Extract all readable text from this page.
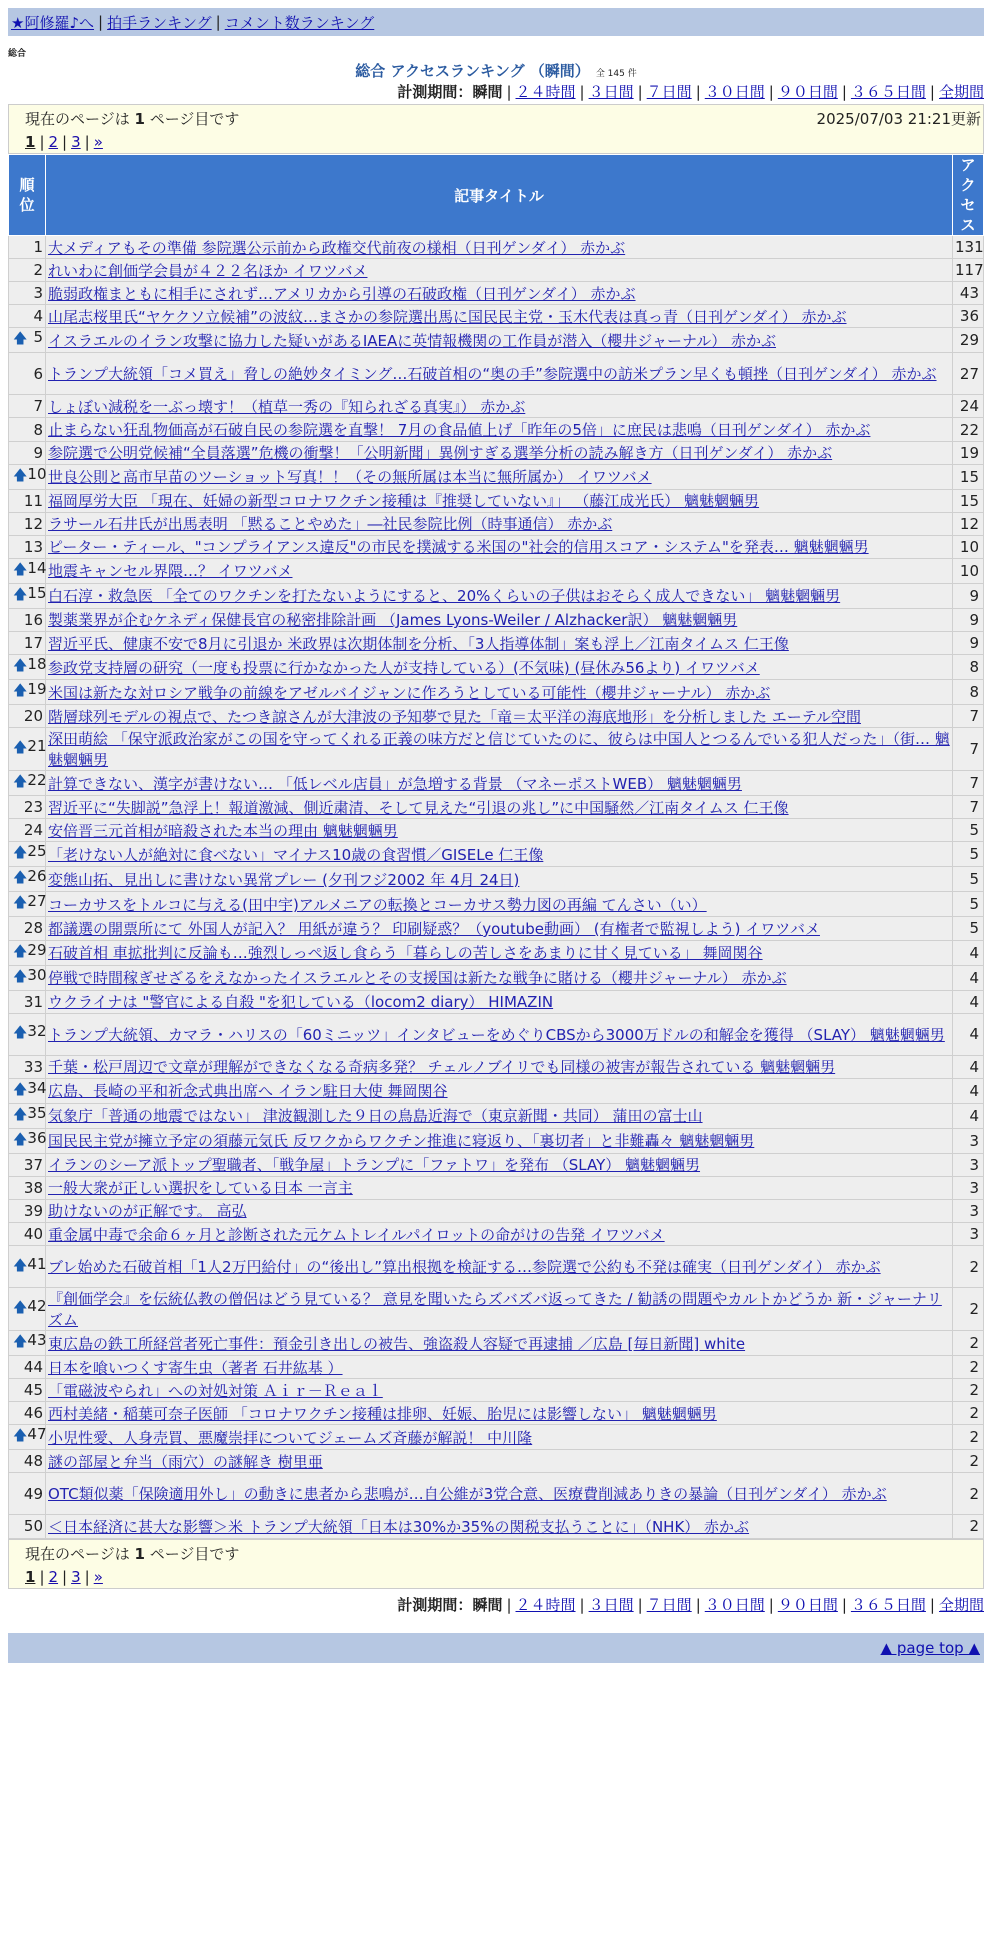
★阿修羅♪へ | 拍手ランキング | コメント数ランキング
総合
総合 アクセスランキング （瞬間） 全 145 件
計測期間：瞬間 | ２４時間 | ３日間 | ７日間 | ３０日間 | ９０日間 | ３６５日間 | 全期間
現在のページは 1 ページ目です	2025/07/03 21:21更新
1 | 2 | 3 | »
順位	記事タイトル	アクセス
1	大メディアもその準備 参院選公示前から政権交代前夜の様相（日刊ゲンダイ） 赤かぶ	131
2	れいわに創価学会員が４２２名ほか イワツバメ	117
3	脆弱政権まともに相手にされず…アメリカから引導の石破政権（日刊ゲンダイ） 赤かぶ	43
4	山尾志桜里氏“ヤケクソ立候補”の波紋…まさかの参院選出馬に国民民主党・玉木代表は真っ青（日刊ゲンダイ） 赤かぶ	36

🡅 5	イスラエルのイラン攻撃に協力した疑いがあるIAEAに英情報機関の工作員が潜入（櫻井ジャーナル） 赤かぶ	29
6	トランプ大統領「コメ買え」脅しの絶妙タイミング…石破首相の“奥の手”参院選中の訪米プラン早くも頓挫（日刊ゲンダイ） 赤かぶ	27
7	しょぼい減税を一ぶっ壊す！（植草一秀の『知られざる真実』） 赤かぶ	24
8	止まらない狂乱物価高が石破自民の参院選を直撃！ 7月の食品値上げ「昨年の5倍」に庶民は悲鳴（日刊ゲンダイ） 赤かぶ	22
9	参院選で公明党候補“全員落選”危機の衝撃！「公明新聞」異例すぎる選挙分析の読み解き方（日刊ゲンダイ） 赤かぶ	19

🡅 10	世良公則と高市早苗のツーショット写真！！（その無所属は本当に無所属か） イワツバメ	15
11	福岡厚労大臣 「現在、妊婦の新型コロナワクチン接種は『推奨していない』」 （藤江成光氏） 魑魅魍魎男	15
12	ラサール石井氏が出馬表明 「黙ることやめた」―社民参院比例（時事通信） 赤かぶ	12
13	ピーター・ティール、"コンプライアンス違反"の市民を撲滅する米国の"社会的信用スコア・システム"を発表… 魑魅魍魎男	10

🡅 14	地震キャンセル界隈…？ イワツバメ	10

🡅 15	白石淳・救急医 「全てのワクチンを打たないようにすると、20%くらいの子供はおそらく成人できない」 魑魅魍魎男	9
16	製薬業界が企むケネディ保健長官の秘密排除計画 （James Lyons-Weiler / Alzhacker訳） 魑魅魍魎男	9
17	習近平氏、健康不安で8月に引退か 米政界は次期体制を分析、「3人指導体制」案も浮上／江南タイムス 仁王像	9

🡅 18	参政党支持層の研究（一度も投票に行かなかった人が支持している）(不気味) (昼休み56より) イワツバメ	8

🡅 19	米国は新たな対ロシア戦争の前線をアゼルバイジャンに作ろうとしている可能性（櫻井ジャーナル） 赤かぶ	8
20	階層球列モデルの視点で、たつき諒さんが大津波の予知夢で見た「竜＝太平洋の海底地形」を分析しました エーテル空間	7

🡅 21	深田萌絵 「保守派政治家がこの国を守ってくれる正義の味方だと信じていたのに、彼らは中国人とつるんでいる犯人だった」（街… 魑魅魍魎男	7

🡅 22	計算できない、漢字が書けない… 「低レベル店員」が急増する背景 （マネーポストWEB） 魑魅魍魎男	7
23	習近平に“失脚説”急浮上！報道激減、側近粛清、そして見えた“引退の兆し”に中国騒然／江南タイムス 仁王像	7
24	安倍晋三元首相が暗殺された本当の理由 魑魅魍魎男	5

🡅 25	「老けない人が絶対に食べない」マイナス10歳の食習慣／GISELe 仁王像	5

🡅 26	変態山拓、見出しに書けない異常プレー (夕刊フジ2002 年 4月 24日)	5

🡅 27	コーカサスをトルコに与える(田中宇)アルメニアの転換とコーカサス勢力図の再編 てんさい（い）	5
28	都議選の開票所にて 外国人が記入？ 用紙が違う？ 印刷疑惑？（youtube動画） (有権者で監視しよう) イワツバメ	5

🡅 29	石破首相 車拡批判に反論も…強烈しっぺ返し食らう「暮らしの苦しさをあまりに甘く見ている」 舞岡関谷	4

🡅 30	停戦で時間稼ぎせざるをえなかったイスラエルとその支援国は新たな戦争に賭ける（櫻井ジャーナル） 赤かぶ	4
31	ウクライナは "警官による自殺 "を犯している（locom2 diary） HIMAZIN	4

🡅 32	トランプ大統領、カマラ・ハリスの「60ミニッツ」インタビューをめぐりCBSから3000万ドルの和解金を獲得 （SLAY） 魑魅魍魎男	4
33	千葉・松戸周辺で文章が理解ができなくなる奇病多発？ チェルノブイリでも同様の被害が報告されている 魑魅魍魎男	4

🡅 34	広島、長崎の平和祈念式典出席へ イラン駐日大使 舞岡関谷	4

🡅 35	気象庁「普通の地震ではない」 津波観測した９日の鳥島近海で（東京新聞・共同） 蒲田の富士山	4

🡅 36	国民民主党が擁立予定の須藤元気氏 反ワクからワクチン推進に寝返り、「裏切者」と非難轟々 魑魅魍魎男	3
37	イランのシーア派トップ聖職者、「戦争屋」トランプに「ファトワ」を発布 （SLAY） 魑魅魍魎男	3
38	一般大衆が正しい選択をしている日本 一言主	3
39	助けないのが正解です。 高弘	3
40	重金属中毒で余命６ヶ月と診断された元ケムトレイルパイロットの命がけの告発 イワツバメ	3

🡅 41	ブレ始めた石破首相「1人2万円給付」の“後出し”算出根拠を検証する…参院選で公約も不発は確実（日刊ゲンダイ） 赤かぶ	2

🡅 42	『創価学会』を伝統仏教の僧侶はどう見ている？ 意見を聞いたらズバズバ返ってきた / 勧誘の問題やカルトかどうか 新・ジャーナリズム	2

🡅 43	東広島の鉄工所経営者死亡事件：預金引き出しの被告、強盗殺人容疑で再逮捕 ／広島 [毎日新聞] white	2
44	日本を喰いつくす寄生虫（著者 石井紘基 ）	2
45	「電磁波やられ」への対処対策 Ａｉｒ－Ｒｅａｌ	2
46	西村美緒・稲葉可奈子医師 「コロナワクチン接種は排卵、妊娠、胎児には影響しない」 魑魅魍魎男	2

🡅 47	小児性愛、人身売買、悪魔崇拝についてジェームズ斉藤が解説！ 中川隆	2
48	謎の部屋と弁当（雨穴）の謎解き 樹里亜	2
49	OTC類似薬「保険適用外し」の動きに患者から悲鳴が…自公維が3党合意、医療費削減ありきの暴論（日刊ゲンダイ） 赤かぶ	2
50	＜日本経済に甚大な影響＞米 トランプ大統領「日本は30%か35%の関税支払うことに」（NHK） 赤かぶ	2
現在のページは 1 ページ目です
1 | 2 | 3 | »
計測期間：瞬間 | ２４時間 | ３日間 | ７日間 | ３０日間 | ９０日間 | ３６５日間 | 全期間
▲ page top ▲
